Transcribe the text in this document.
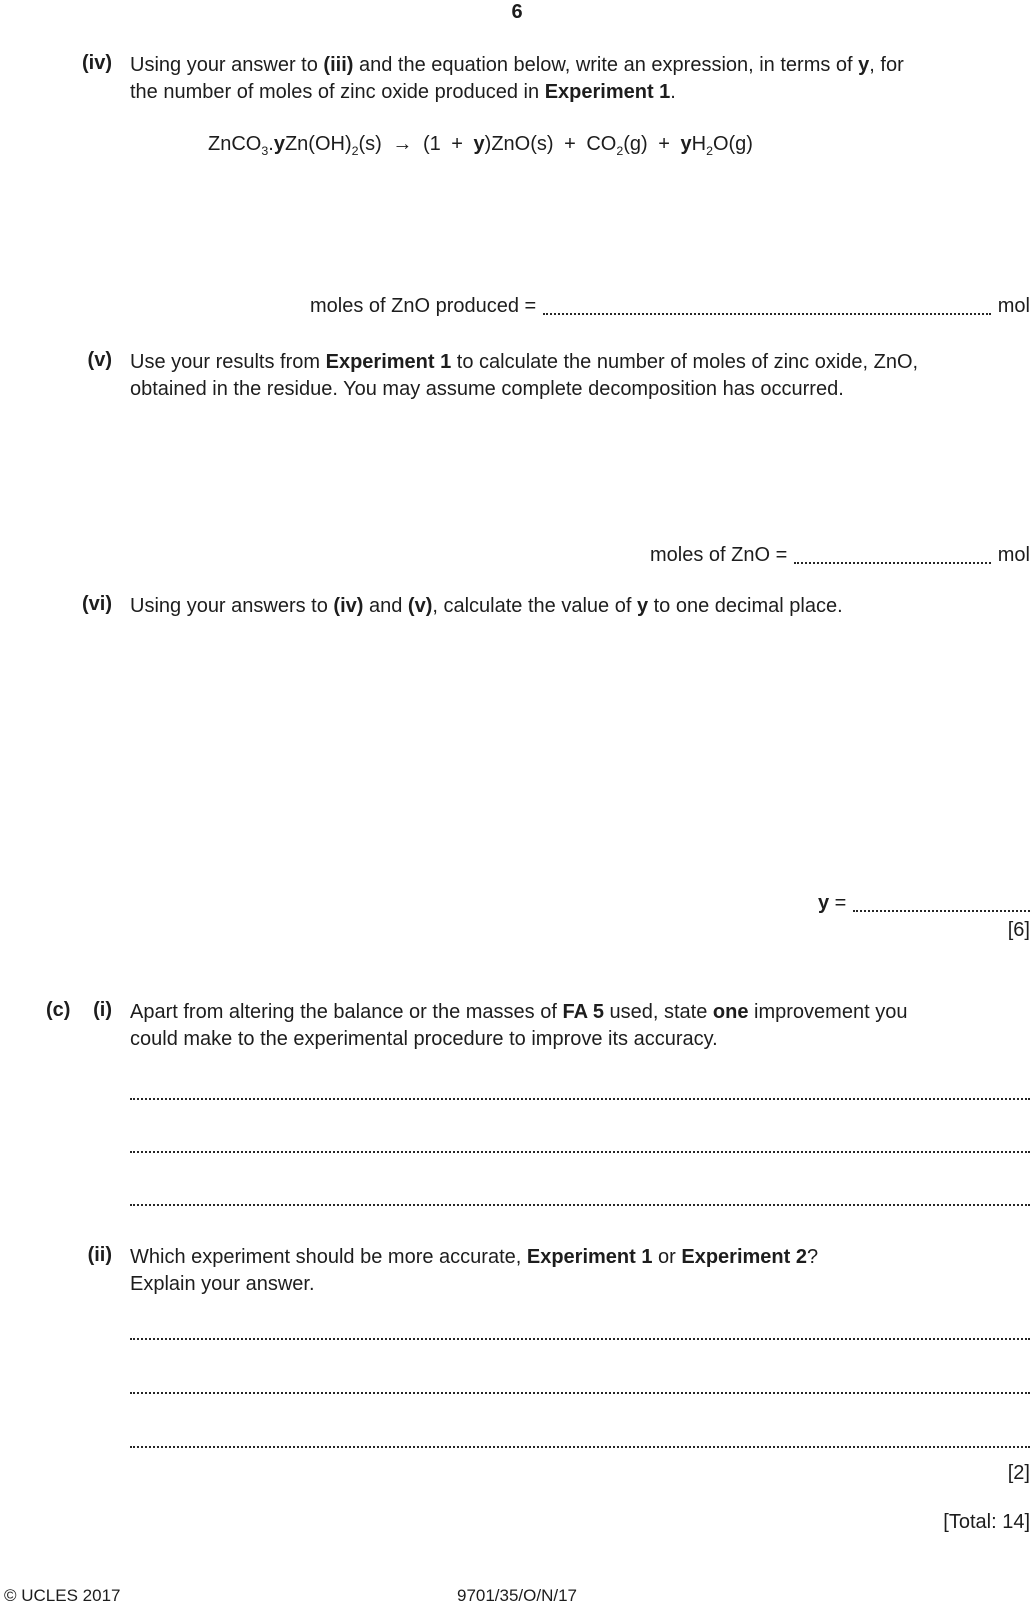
6
(iv) Using your answer to (iii) and the equation below, write an expression, in terms of y, for
the number of moles of zinc oxide produced in Experiment 1.
$ZnCO_3.yZn(OH)_2(s) \to (1 + y)ZnO(s) + CO_2(g) + yH_2O(g)$
moles of ZnO produced =	mol
(v) Use your results from Experiment 1 to calculate the number of moles of zinc oxide, ZnO,
obtained in the residue. You may assume complete decomposition has occurred.
moles of ZnO =	mol
(vi) Using your answers to (iv) and (v), calculate the value of y to one decimal place.
y =
[6]
(c)	(i) Apart from altering the balance or the masses of FA 5 used, state one improvement you
could make to the experimental procedure to improve its accuracy.
(ii) Which experiment should be more accurate, Experiment 1 or Experiment 2?
Explain your answer.
[2]
[Total: 14]
© UCLES 2017	9701/35/O/N/17
